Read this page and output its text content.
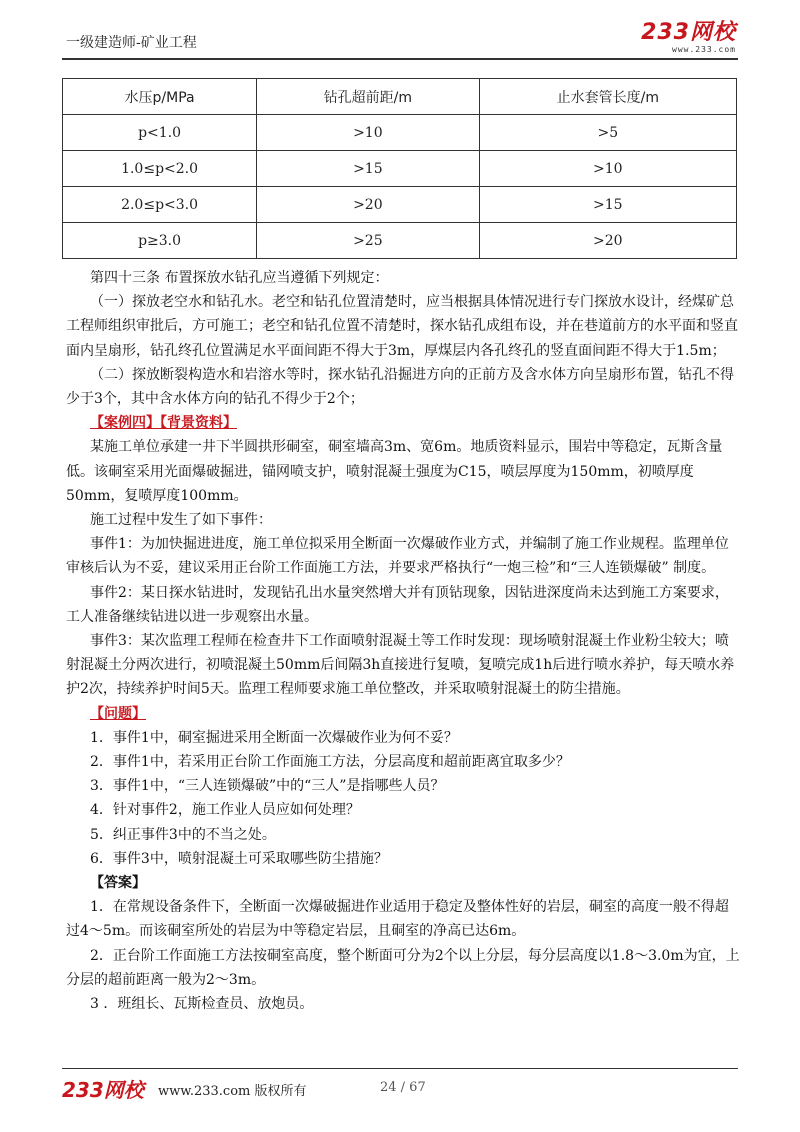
一级建造师-矿业工程	233网校
www.233.com
水压p/MPa	钻孔超前距/m	止水套管长度/m
p<1.0	>10	>5
1.0≤p<2.0	>15	>10
2.0≤p<3.0	>20	>15
p≥3.0	>25	>20

第四十三条 布置探放水钻孔应当遵循下列规定：

（一）探放老空水和钻孔水。老空和钻孔位置清楚时，应当根据具体情况进行专门探放水设计，经煤矿总工程师组织审批后，方可施工；老空和钻孔位置不清楚时，探水钻孔成组布设，并在巷道前方的水平面和竖直面内呈扇形，钻孔终孔位置满足水平面间距不得大于3m，厚煤层内各孔终孔的竖直面间距不得大于1.5m；

（二）探放断裂构造水和岩溶水等时，探水钻孔沿掘进方向的正前方及含水体方向呈扇形布置，钻孔不得少于3个，其中含水体方向的钻孔不得少于2个；

【案例四】【背景资料】

某施工单位承建一井下半圆拱形硐室，硐室墙高3m、宽6m。地质资料显示，围岩中等稳定，瓦斯含量低。该硐室采用光面爆破掘进，锚网喷支护，喷射混凝土强度为C15，喷层厚度为150mm，初喷厚度50mm，复喷厚度100mm。

施工过程中发生了如下事件：

事件1：为加快掘进进度，施工单位拟采用全断面一次爆破作业方式，并编制了施工作业规程。监理单位审核后认为不妥，建议采用正台阶工作面施工方法，并要求严格执行“一炮三检”和“三人连锁爆破” 制度。

事件2：某日探水钻进时，发现钻孔出水量突然增大并有顶钻现象，因钻进深度尚未达到施工方案要求，工人准备继续钻进以进一步观察出水量。

事件3：某次监理工程师在检查井下工作面喷射混凝土等工作时发现：现场喷射混凝土作业粉尘较大；喷射混凝土分两次进行，初喷混凝土50mm后间隔3h直接进行复喷，复喷完成1h后进行喷水养护，每天喷水养护2次，持续养护时间5天。监理工程师要求施工单位整改，并采取喷射混凝土的防尘措施。

【问题】

1．事件1中，硐室掘进采用全断面一次爆破作业为何不妥？

2．事件1中，若采用正台阶工作面施工方法，分层高度和超前距离宜取多少？

3．事件1中，“三人连锁爆破”中的“三人”是指哪些人员？

4．针对事件2，施工作业人员应如何处理？

5．纠正事件3中的不当之处。

6．事件3中，喷射混凝土可采取哪些防尘措施？

【答案】

1．在常规设备条件下，全断面一次爆破掘进作业适用于稳定及整体性好的岩层，硐室的高度一般不得超过4～5m。而该硐室所处的岩层为中等稳定岩层，且硐室的净高已达6m。

2．正台阶工作面施工方法按硐室高度，整个断面可分为2个以上分层，每分层高度以1.8～3.0m为宜，上分层的超前距离一般为2～3m。

3 ．班组长、瓦斯检查员、放炮员。

233网校 www.233.com 版权所有	24 / 67
